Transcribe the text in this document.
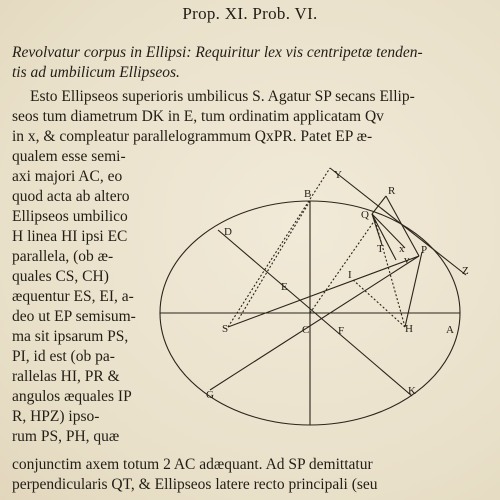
Prop. XI. Prob. VI.
Revolvatur corpus in Ellipsi: Requiritur lex vis centripetæ tenden-
tis ad umbilicum Ellipseos.
Esto Ellipseos superioris umbilicus S. Agatur SP secans Ellip-
seos tum diametrum DK in E, tum ordinatim applicatam Qv
in x, & compleatur parallelogrammum QxPR. Patet EP æ-
qualem esse semi-
axi majori AC, eo
quod acta ab altero
Ellipseos umbilico
H linea HI ipsi EC
parallela, (ob æ-
quales CS, CH)
æquentur ES, EI, a-
deo ut EP semisum-
ma sit ipsarum PS,
PI, id est (ob pa-
rallelas HI, PR &
angulos æquales IP
R, HPZ) ipso-
rum PS, PH, quæ
conjunctim axem totum 2 AC adæquant. Ad SP demittatur
perpendicularis QT, & Ellipseos latere recto principali (seu
Y
B	R
Q
D
P
T x
v
Z
I
E
S	C	F	H	A
G	K
